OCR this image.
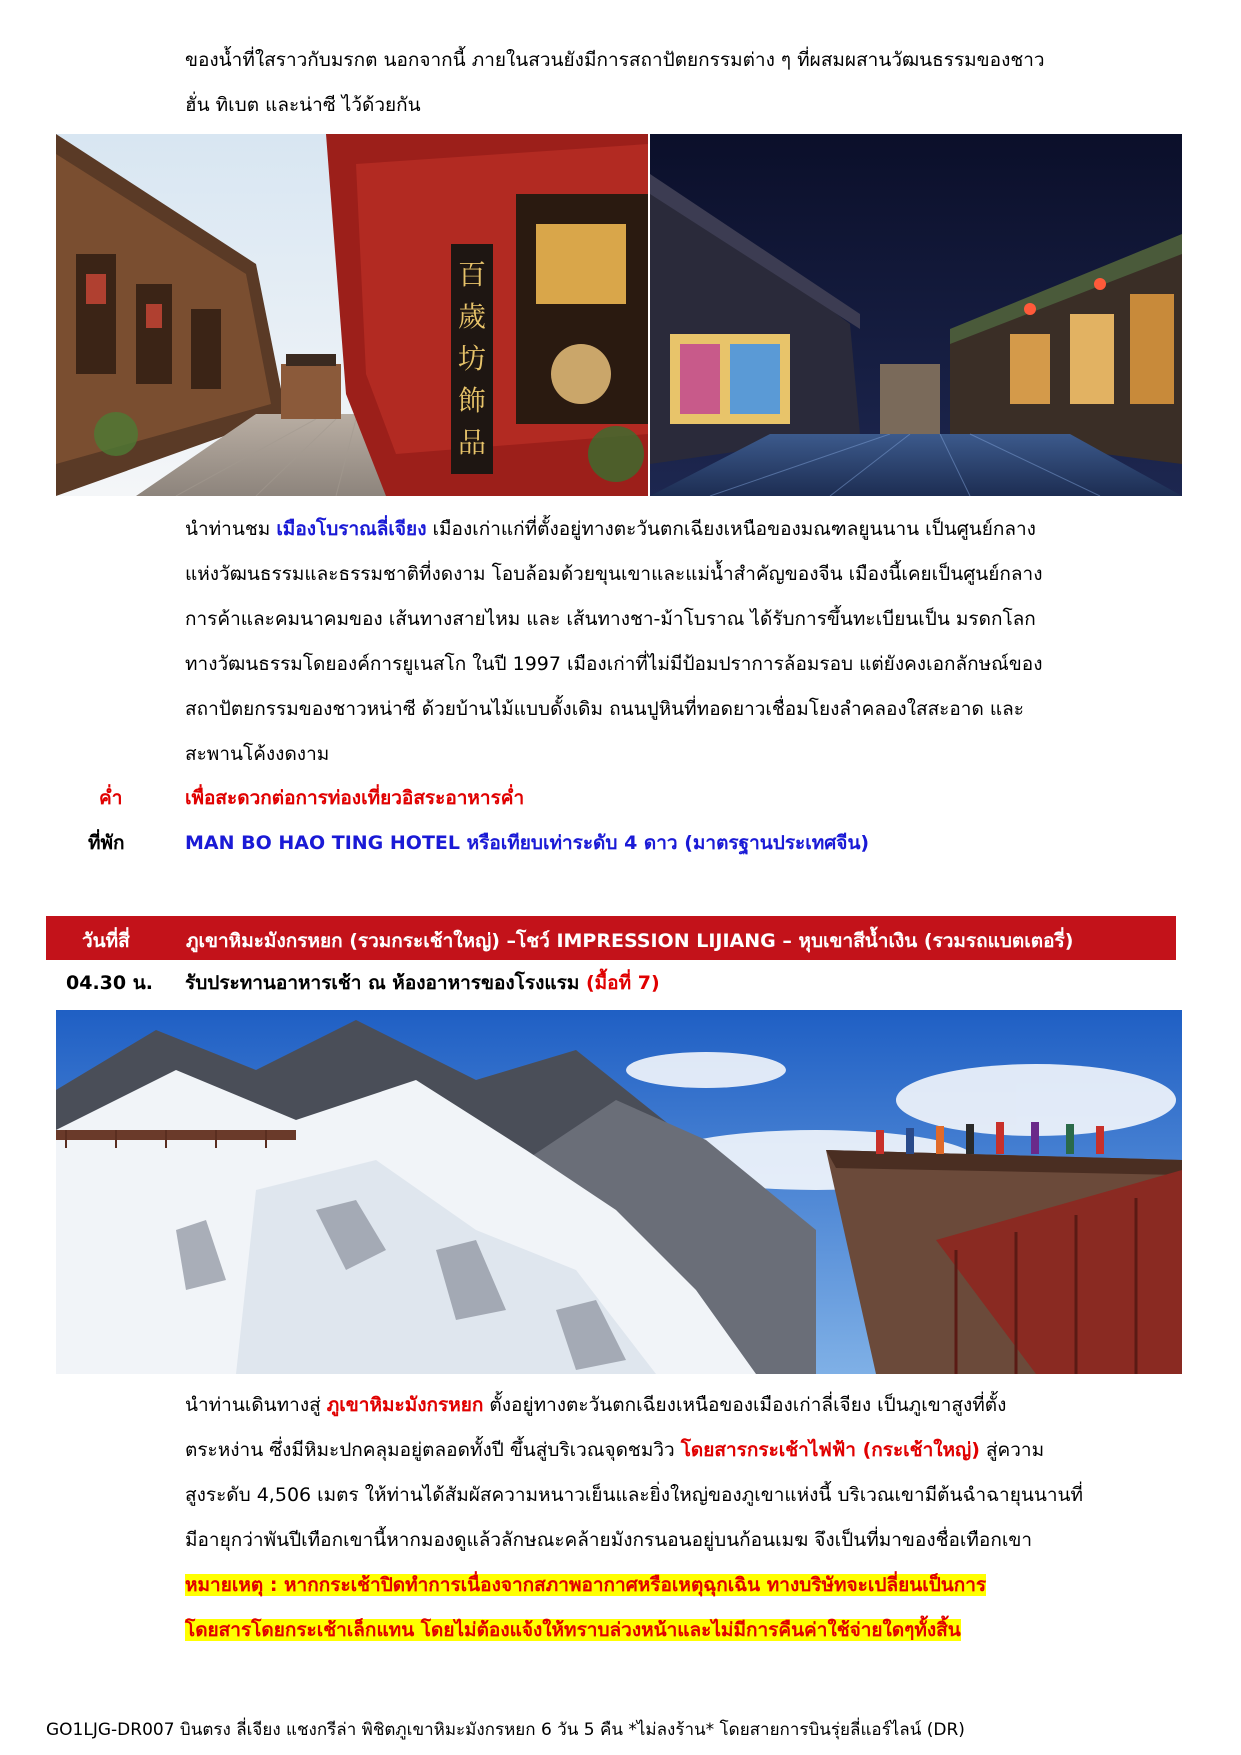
ของน้ำที่ใสราวกับมรกต นอกจากนี้ ภายในสวนยังมีการสถาปัตยกรรมต่าง ๆ ที่ผสมผสานวัฒนธรรมของชาว
ฮั่น ทิเบต และน่าซี ไว้ด้วยกัน

百
歲
坊
飾
品

นำท่านชม เมืองโบราณลี่เจียง เมืองเก่าแก่ที่ตั้งอยู่ทางตะวันตกเฉียงเหนือของมณฑลยูนนาน เป็นศูนย์กลาง
แห่งวัฒนธรรมและธรรมชาติที่งดงาม โอบล้อมด้วยขุนเขาและแม่น้ำสำคัญของจีน เมืองนี้เคยเป็นศูนย์กลาง
การค้าและคมนาคมของ เส้นทางสายไหม และ เส้นทางชา-ม้าโบราณ ได้รับการขึ้นทะเบียนเป็น มรดกโลก
ทางวัฒนธรรมโดยองค์การยูเนสโก ในปี 1997 เมืองเก่าที่ไม่มีป้อมปราการล้อมรอบ แต่ยังคงเอกลักษณ์ของ
สถาปัตยกรรมของชาวหน่าซี ด้วยบ้านไม้แบบดั้งเดิม ถนนปูหินที่ทอดยาวเชื่อมโยงลำคลองใสสะอาด และ
สะพานโค้งงดงาม

ค่ำ	เพื่อสะดวกต่อการท่องเที่ยวอิสระอาหารค่ำ
ที่พัก	MAN BO HAO TING HOTEL หรือเทียบเท่าระดับ 4 ดาว (มาตรฐานประเทศจีน)
วันที่สี่	ภูเขาหิมะมังกรหยก (รวมกระเช้าใหญ่) –โชว์ IMPRESSION LIJIANG – หุบเขาสีน้ำเงิน (รวมรถแบตเตอรี่)
04.30 น. รับประทานอาหารเช้า ณ ห้องอาหารของโรงแรม (มื้อที่ 7)

นำท่านเดินทางสู่ ภูเขาหิมะมังกรหยก ตั้งอยู่ทางตะวันตกเฉียงเหนือของเมืองเก่าลี่เจียง เป็นภูเขาสูงที่ตั้ง
ตระหง่าน ซึ่งมีหิมะปกคลุมอยู่ตลอดทั้งปี ขึ้นสู่บริเวณจุดชมวิว โดยสารกระเช้าไฟฟ้า (กระเช้าใหญ่) สู่ความ
สูงระดับ 4,506 เมตร ให้ท่านได้สัมผัสความหนาวเย็นและยิ่งใหญ่ของภูเขาแห่งนี้ บริเวณเขามีต้นฉำฉายุนนานที่
มีอายุกว่าพันปีเทือกเขานี้หากมองดูแล้วลักษณะคล้ายมังกรนอนอยู่บนก้อนเมฆ จึงเป็นที่มาของชื่อเทือกเขา
หมายเหตุ : หากกระเช้าปิดทำการเนื่องจากสภาพอากาศหรือเหตุฉุกเฉิน ทางบริษัทจะเปลี่ยนเป็นการ
โดยสารโดยกระเช้าเล็กแทน โดยไม่ต้องแจ้งให้ทราบล่วงหน้าและไม่มีการคืนค่าใช้จ่ายใดๆทั้งสิ้น

GO1LJG-DR007 บินตรง ลี่เจียง แชงกรีล่า พิชิตภูเขาหิมะมังกรหยก 6 วัน 5 คืน *ไม่ลงร้าน* โดยสายการบินรุ่ยลี่แอร์ไลน์ (DR)
